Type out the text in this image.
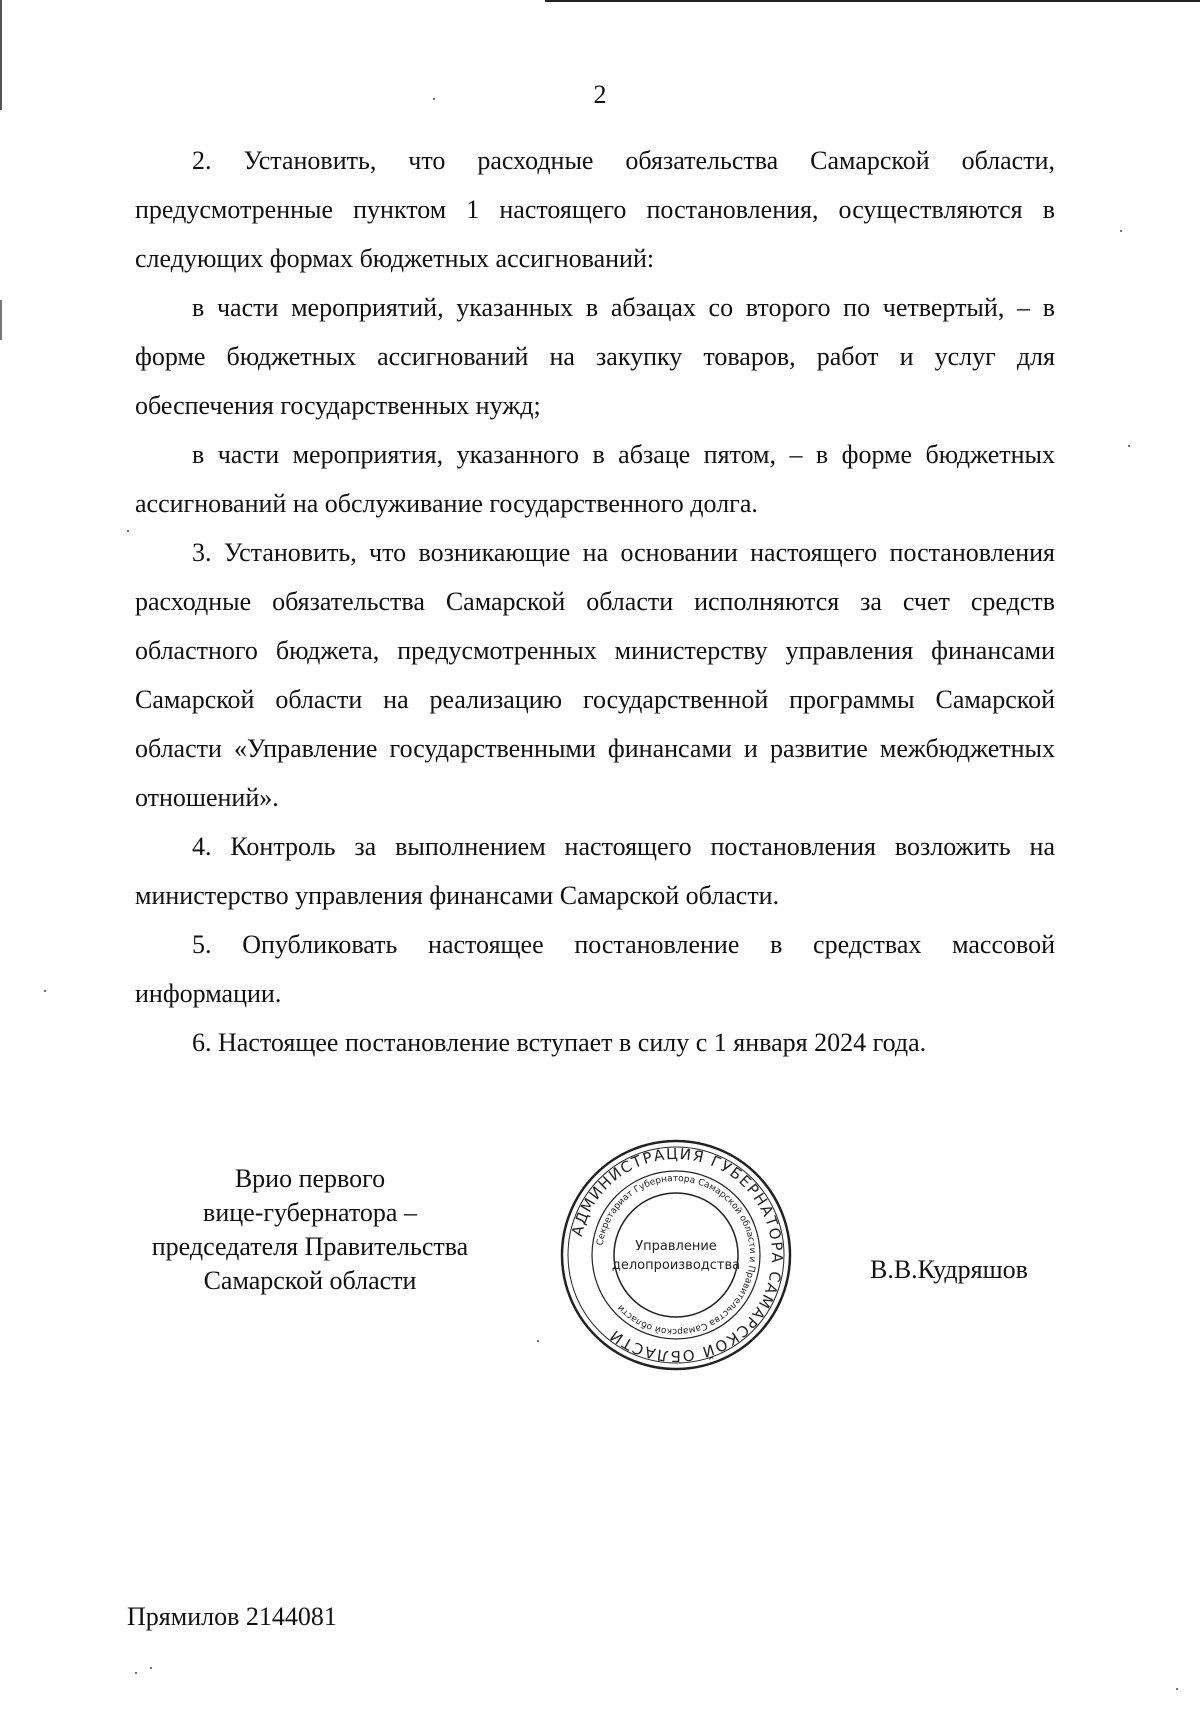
2

2. Установить, что расходные обязательства Самарской области, предусмотренные пунктом 1 настоящего постановления, осуществляются в следующих формах бюджетных ассигнований:

в части мероприятий, указанных в абзацах со второго по четвертый, – в форме бюджетных ассигнований на закупку товаров, работ и услуг для обеспечения государственных нужд;

в части мероприятия, указанного в абзаце пятом, – в форме бюджетных ассигнований на обслуживание государственного долга.

3. Установить, что возникающие на основании настоящего постановления расходные обязательства Самарской области исполняются за счет средств областного бюджета, предусмотренных министерству управления финансами Самарской области на реализацию государственной программы Самарской области «Управление государственными финансами и развитие межбюджетных отношений».

4. Контроль за выполнением настоящего постановления возложить на министерство управления финансами Самарской области.

5. Опубликовать настоящее постановление в средствах массовой информации.

6. Настоящее постановление вступает в силу с 1 января 2024 года.

Врио первого
вице-губернатора –
председателя Правительства
Самарской области
АДМИНИСТРАЦИЯ ГУБЕРНАТОРА САМАРСКОЙ ОБЛАСТИ
Секретариат Губернатора Самарской области и Правительства Самарской области
Управление
делопроизводства	В.В.Кудряшов
Прямилов 2144081
